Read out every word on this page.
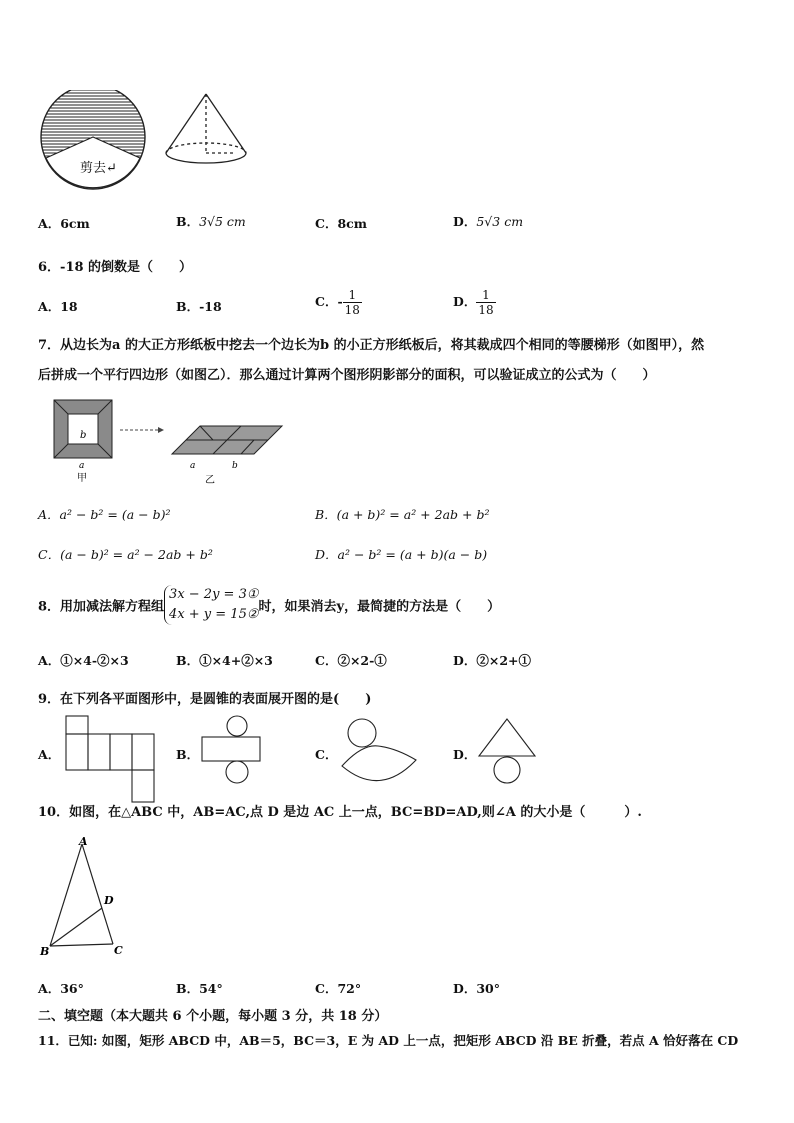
剪去↵
A．6cm	B．3√5 cm	C．8cm	D．5√3 cm
6．-18 的倒数是（　　）
A．18	B．-18	C．- $\frac{1}{18}$	D． $\frac{1}{18}$
7．从边长为a 的大正方形纸板中挖去一个边长为b 的小正方形纸板后，将其裁成四个相同的等腰梯形（如图甲），然
后拼成一个平行四边形（如图乙）．那么通过计算两个图形阴影部分的面积，可以验证成立的公式为（　　）
b
a
甲
a	b
乙
A．a² − b² = (a − b)²	B．(a + b)² = a² + 2ab + b²
C．(a − b)² = a² − 2ab + b²	D．a² − b² = (a + b)(a − b)
8．用加减法解方程组
3x − 2y = 3①
4x + y = 15② 时，如果消去y，最简捷的方法是（　　）
A．①×4-②×3	B．①×4+②×3	C．②×2-①	D．②×2+①
9．在下列各平面图形中，是圆锥的表面展开图的是(　　)
A．	B．	C．	D．
10．如图，在△ABC 中，AB=AC,点 D 是边 AC 上一点，BC=BD=AD,则∠A 的大小是（　　　）.
A
D
B	C
A．36°	B．54°	C．72°	D．30°
二、填空题（本大题共 6 个小题，每小题 3 分，共 18 分）
11．已知: 如图，矩形 ABCD 中，AB＝5，BC＝3，E 为 AD 上一点，把矩形 ABCD 沿 BE 折叠，若点 A 恰好落在 CD
